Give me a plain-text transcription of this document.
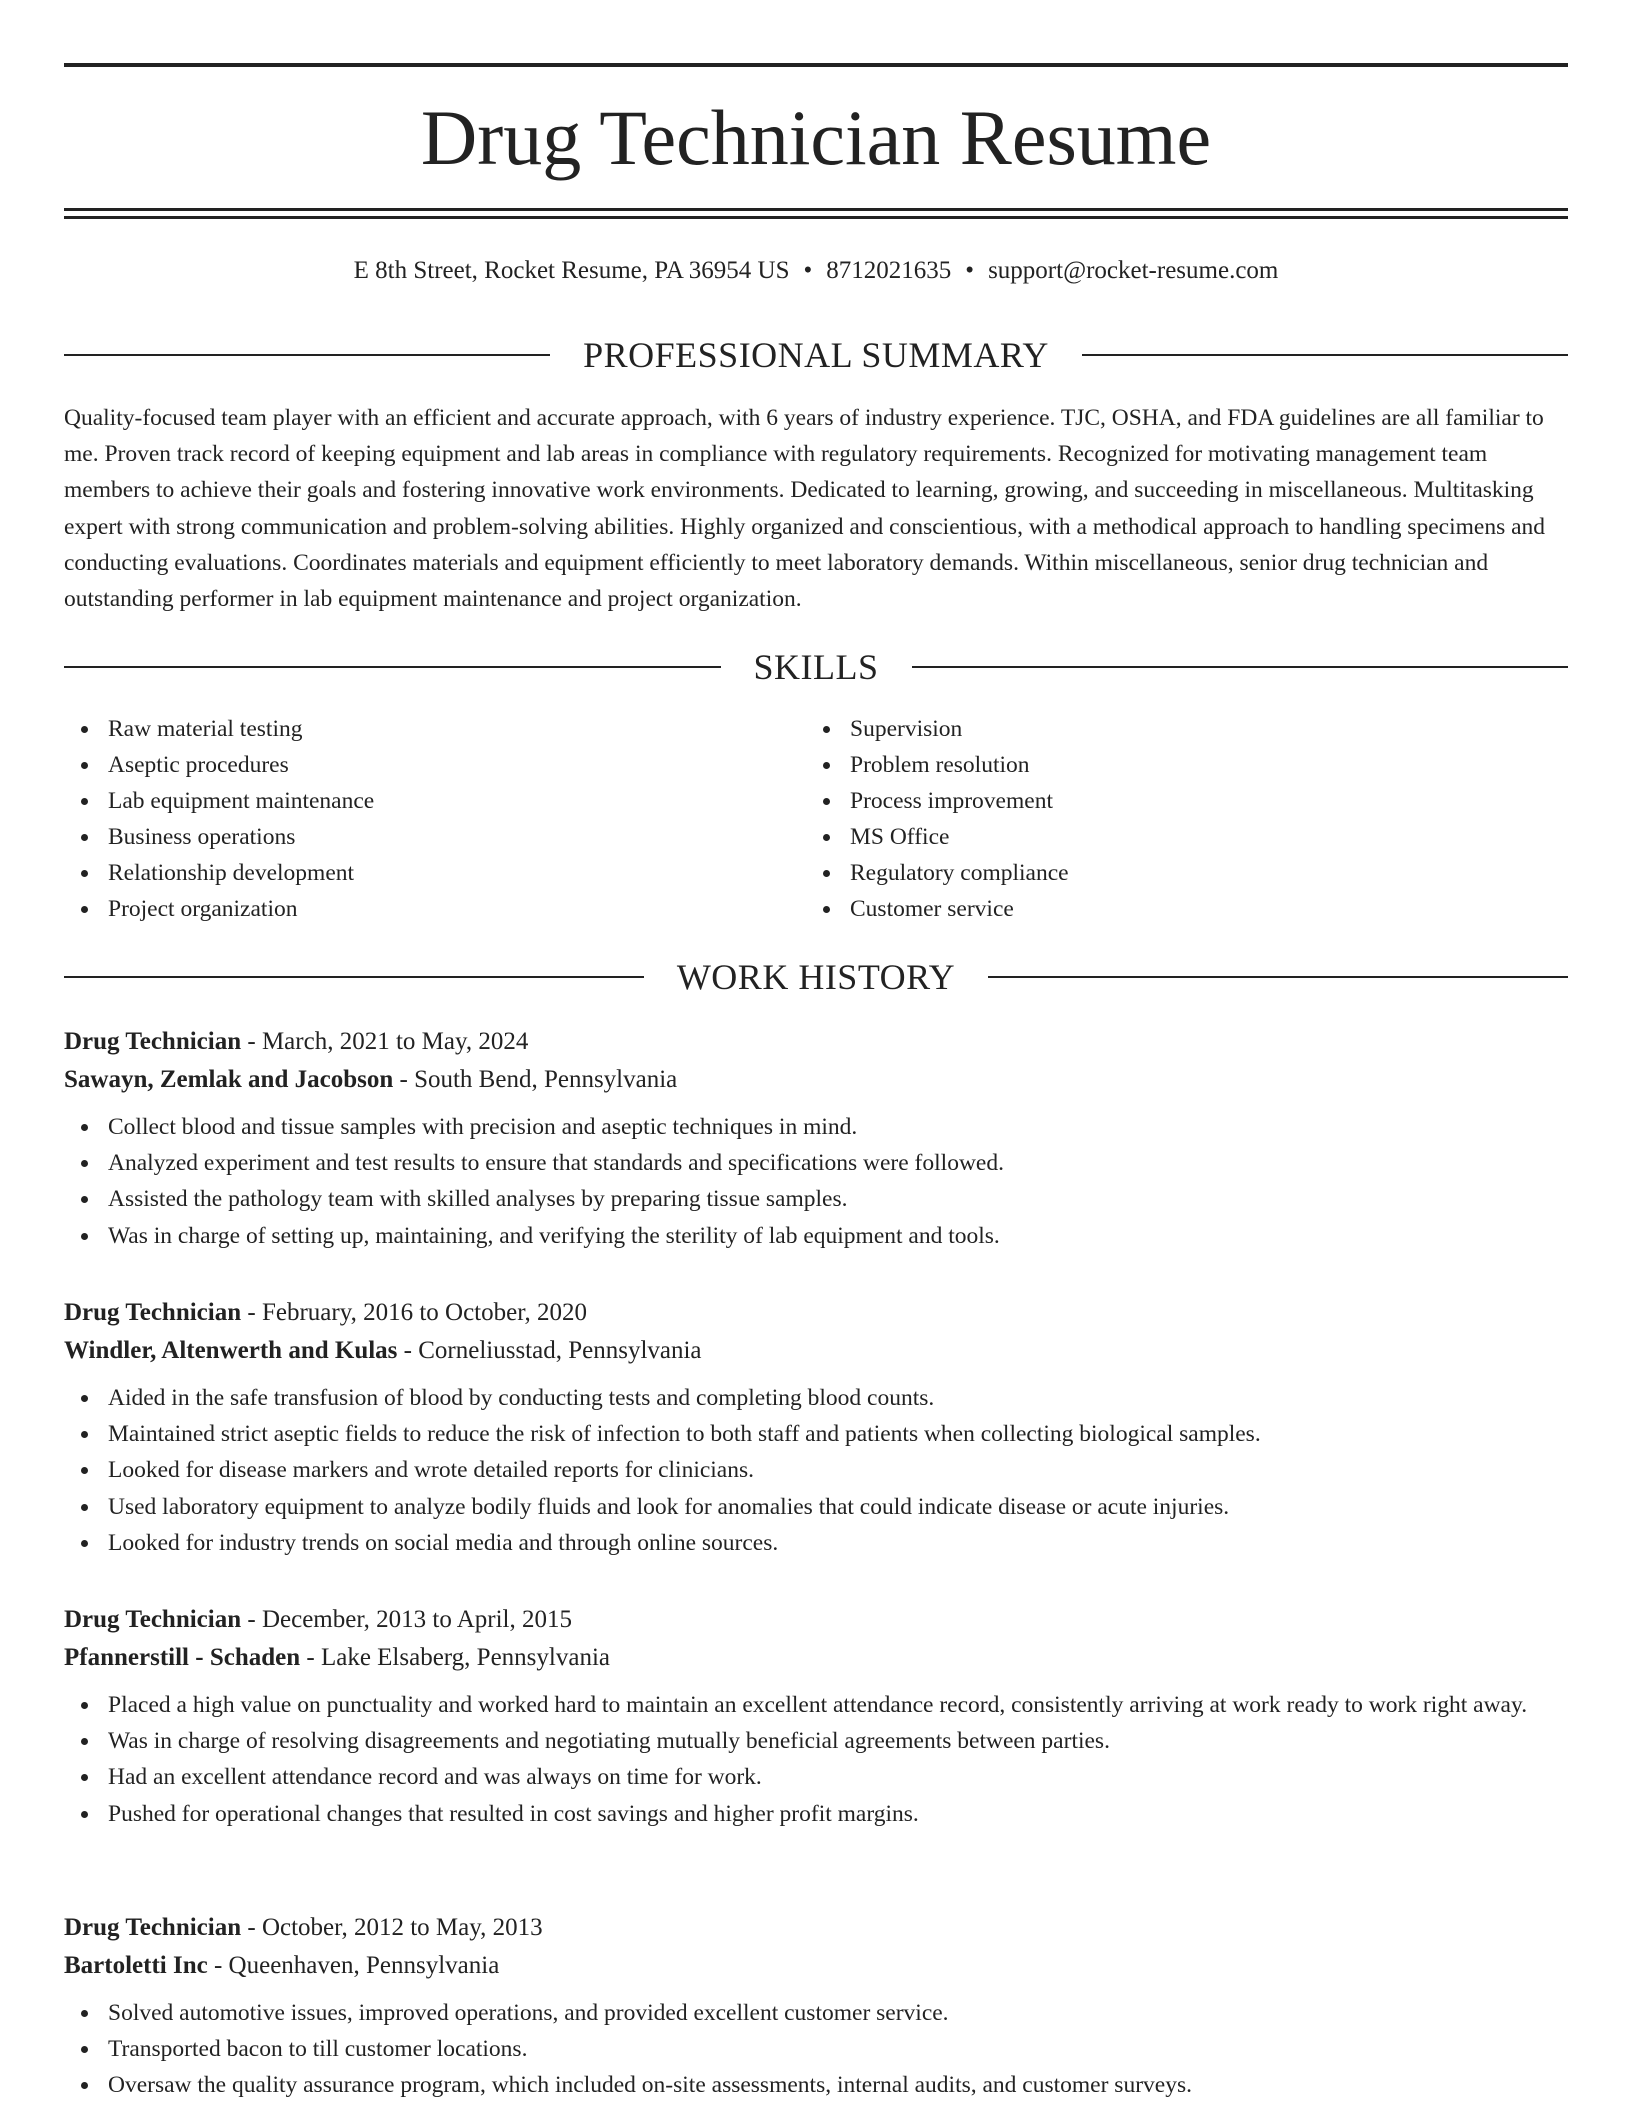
Drug Technician Resume
E 8th Street, Rocket Resume, PA 36954 US • 8712021635 • support@rocket-resume.com
PROFESSIONAL SUMMARY

Quality-focused team player with an efficient and accurate approach, with 6 years of industry experience. TJC, OSHA, and FDA guidelines are all familiar to me. Proven track record of keeping equipment and lab areas in compliance with regulatory requirements. Recognized for motivating management team members to achieve their goals and fostering innovative work environments. Dedicated to learning, growing, and succeeding in miscellaneous. Multitasking expert with strong communication and problem-solving abilities. Highly organized and conscientious, with a methodical approach to handling specimens and conducting evaluations. Coordinates materials and equipment efficiently to meet laboratory demands. Within miscellaneous, senior drug technician and outstanding performer in lab equipment maintenance and project organization.

SKILLS
Raw material testing
Aseptic procedures
Lab equipment maintenance
Business operations
Relationship development
Project organization
Supervision
Problem resolution
Process improvement
MS Office
Regulatory compliance
Customer service
WORK HISTORY

Drug Technician - March, 2021 to May, 2024

Sawayn, Zemlak and Jacobson - South Bend, Pennsylvania

Collect blood and tissue samples with precision and aseptic techniques in mind.
Analyzed experiment and test results to ensure that standards and specifications were followed.
Assisted the pathology team with skilled analyses by preparing tissue samples.
Was in charge of setting up, maintaining, and verifying the sterility of lab equipment and tools.

Drug Technician - February, 2016 to October, 2020

Windler, Altenwerth and Kulas - Corneliusstad, Pennsylvania

Aided in the safe transfusion of blood by conducting tests and completing blood counts.
Maintained strict aseptic fields to reduce the risk of infection to both staff and patients when collecting biological samples.
Looked for disease markers and wrote detailed reports for clinicians.
Used laboratory equipment to analyze bodily fluids and look for anomalies that could indicate disease or acute injuries.
Looked for industry trends on social media and through online sources.

Drug Technician - December, 2013 to April, 2015

Pfannerstill - Schaden - Lake Elsaberg, Pennsylvania

Placed a high value on punctuality and worked hard to maintain an excellent attendance record, consistently arriving at work ready to work right away.
Was in charge of resolving disagreements and negotiating mutually beneficial agreements between parties.
Had an excellent attendance record and was always on time for work.
Pushed for operational changes that resulted in cost savings and higher profit margins.

Drug Technician - October, 2012 to May, 2013

Bartoletti Inc - Queenhaven, Pennsylvania

Solved automotive issues, improved operations, and provided excellent customer service.
Transported bacon to till customer locations.
Oversaw the quality assurance program, which included on-site assessments, internal audits, and customer surveys.
